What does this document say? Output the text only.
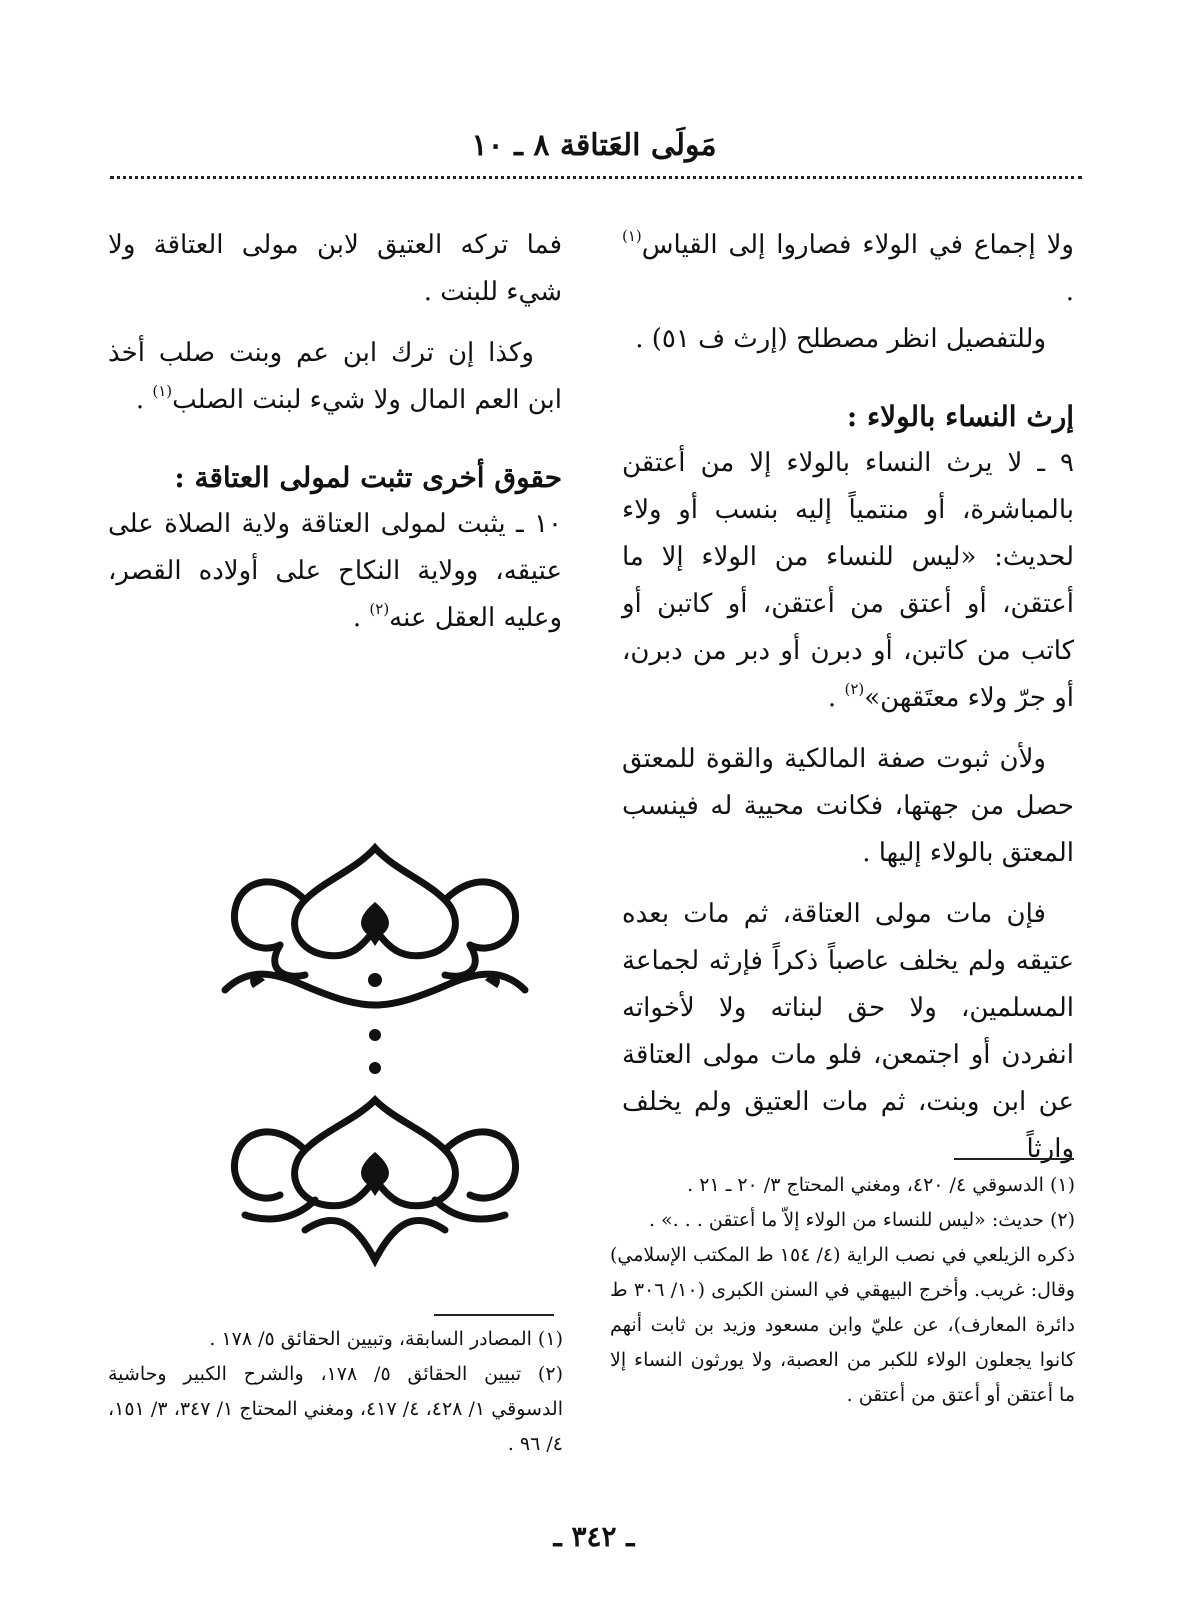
مَولَى العَتاقة ٨ ـ ١٠

ولا إجماع في الولاء فصاروا إلى القياس$^{(١)}$ .

وللتفصيل انظر مصطلح (إرث ف ٥١) .

إرث النساء بالولاء :

٩ ـ لا يرث النساء بالولاء إلا من أعتقن بالمباشرة، أو منتمياً إليه بنسب أو ولاء لحديث: «ليس للنساء من الولاء إلا ما أعتقن، أو أعتق من أعتقن، أو كاتبن أو كاتب من كاتبن، أو دبرن أو دبر من دبرن، أو جرّ ولاء معتَقهن»$^{(٢)}$ .

ولأن ثبوت صفة المالكية والقوة للمعتق حصل من جهتها، فكانت محيية له فينسب المعتق بالولاء إليها .

فإن مات مولى العتاقة، ثم مات بعده عتيقه ولم يخلف عاصباً ذكراً فإرثه لجماعة المسلمين، ولا حق لبناته ولا لأخواته انفردن أو اجتمعن، فلو مات مولى العتاقة عن ابن وبنت، ثم مات العتيق ولم يخلف وارثاً

فما تركه العتيق لابن مولى العتاقة ولا شيء للبنت .

وكذا إن ترك ابن عم وبنت صلب أخذ ابن العم المال ولا شيء لبنت الصلب$^{(١)}$ .

حقوق أخرى تثبت لمولى العتاقة :

١٠ ـ يثبت لمولى العتاقة ولاية الصلاة على عتيقه، وولاية النكاح على أولاده القصر، وعليه العقل عنه$^{(٢)}$ .

(١) الدسوقي ٤/ ٤٢٠، ومغني المحتاج ٣/ ٢٠ ـ ٢١ .

(٢) حديث: «ليس للنساء من الولاء إلاّ ما أعتقن . . .» .

ذكره الزيلعي في نصب الراية (٤/ ١٥٤ ط المكتب الإسلامي) وقال: غريب. وأخرج البيهقي في السنن الكبرى (١٠/ ٣٠٦ ط دائرة المعارف)، عن عليّ وابن مسعود وزيد بن ثابت أنهم كانوا يجعلون الولاء للكبر من العصبة، ولا يورثون النساء إلا ما أعتقن أو أعتق من أعتقن .

(١) المصادر السابقة، وتبيين الحقائق ٥/ ١٧٨ .

(٢) تبيين الحقائق ٥/ ١٧٨، والشرح الكبير وحاشية الدسوقي ١/ ٤٢٨، ٤/ ٤١٧، ومغني المحتاج ١/ ٣٤٧، ٣/ ١٥١، ٤/ ٩٦ .

ـ ٣٤٢ ـ
